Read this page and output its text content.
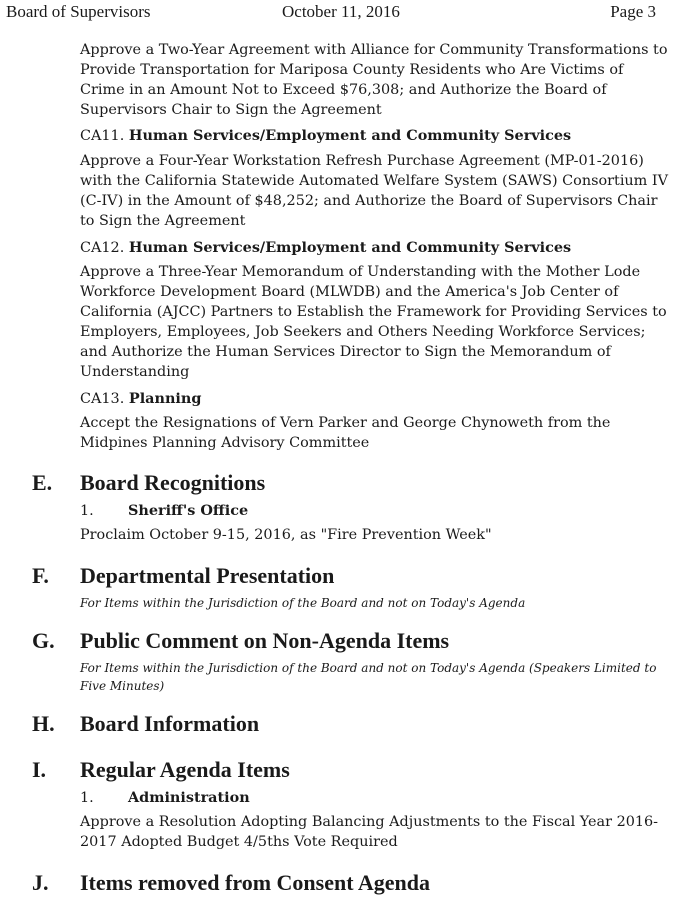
Board of Supervisors	October 11, 2016	Page 3
Approve a Two-Year Agreement with Alliance for Community Transformations to
Provide Transportation for Mariposa County Residents who Are Victims of
Crime in an Amount Not to Exceed $76,308; and Authorize the Board of
Supervisors Chair to Sign the Agreement
CA11. Human Services/Employment and Community Services
Approve a Four-Year Workstation Refresh Purchase Agreement (MP-01-2016)
with the California Statewide Automated Welfare System (SAWS) Consortium IV
(C-IV) in the Amount of $48,252; and Authorize the Board of Supervisors Chair
to Sign the Agreement
CA12. Human Services/Employment and Community Services
Approve a Three-Year Memorandum of Understanding with the Mother Lode
Workforce Development Board (MLWDB) and the America's Job Center of
California (AJCC) Partners to Establish the Framework for Providing Services to
Employers, Employees, Job Seekers and Others Needing Workforce Services;
and Authorize the Human Services Director to Sign the Memorandum of
Understanding
CA13. Planning
Accept the Resignations of Vern Parker and George Chynoweth from the
Midpines Planning Advisory Committee
E. Board Recognitions
1. Sheriff's Office
Proclaim October 9-15, 2016, as "Fire Prevention Week"
F. Departmental Presentation
For Items within the Jurisdiction of the Board and not on Today's Agenda
G. Public Comment on Non-Agenda Items
For Items within the Jurisdiction of the Board and not on Today's Agenda (Speakers Limited to
Five Minutes)
H. Board Information
I. Regular Agenda Items
1. Administration
Approve a Resolution Adopting Balancing Adjustments to the Fiscal Year 2016-
2017 Adopted Budget 4/5ths Vote Required
J. Items removed from Consent Agenda
